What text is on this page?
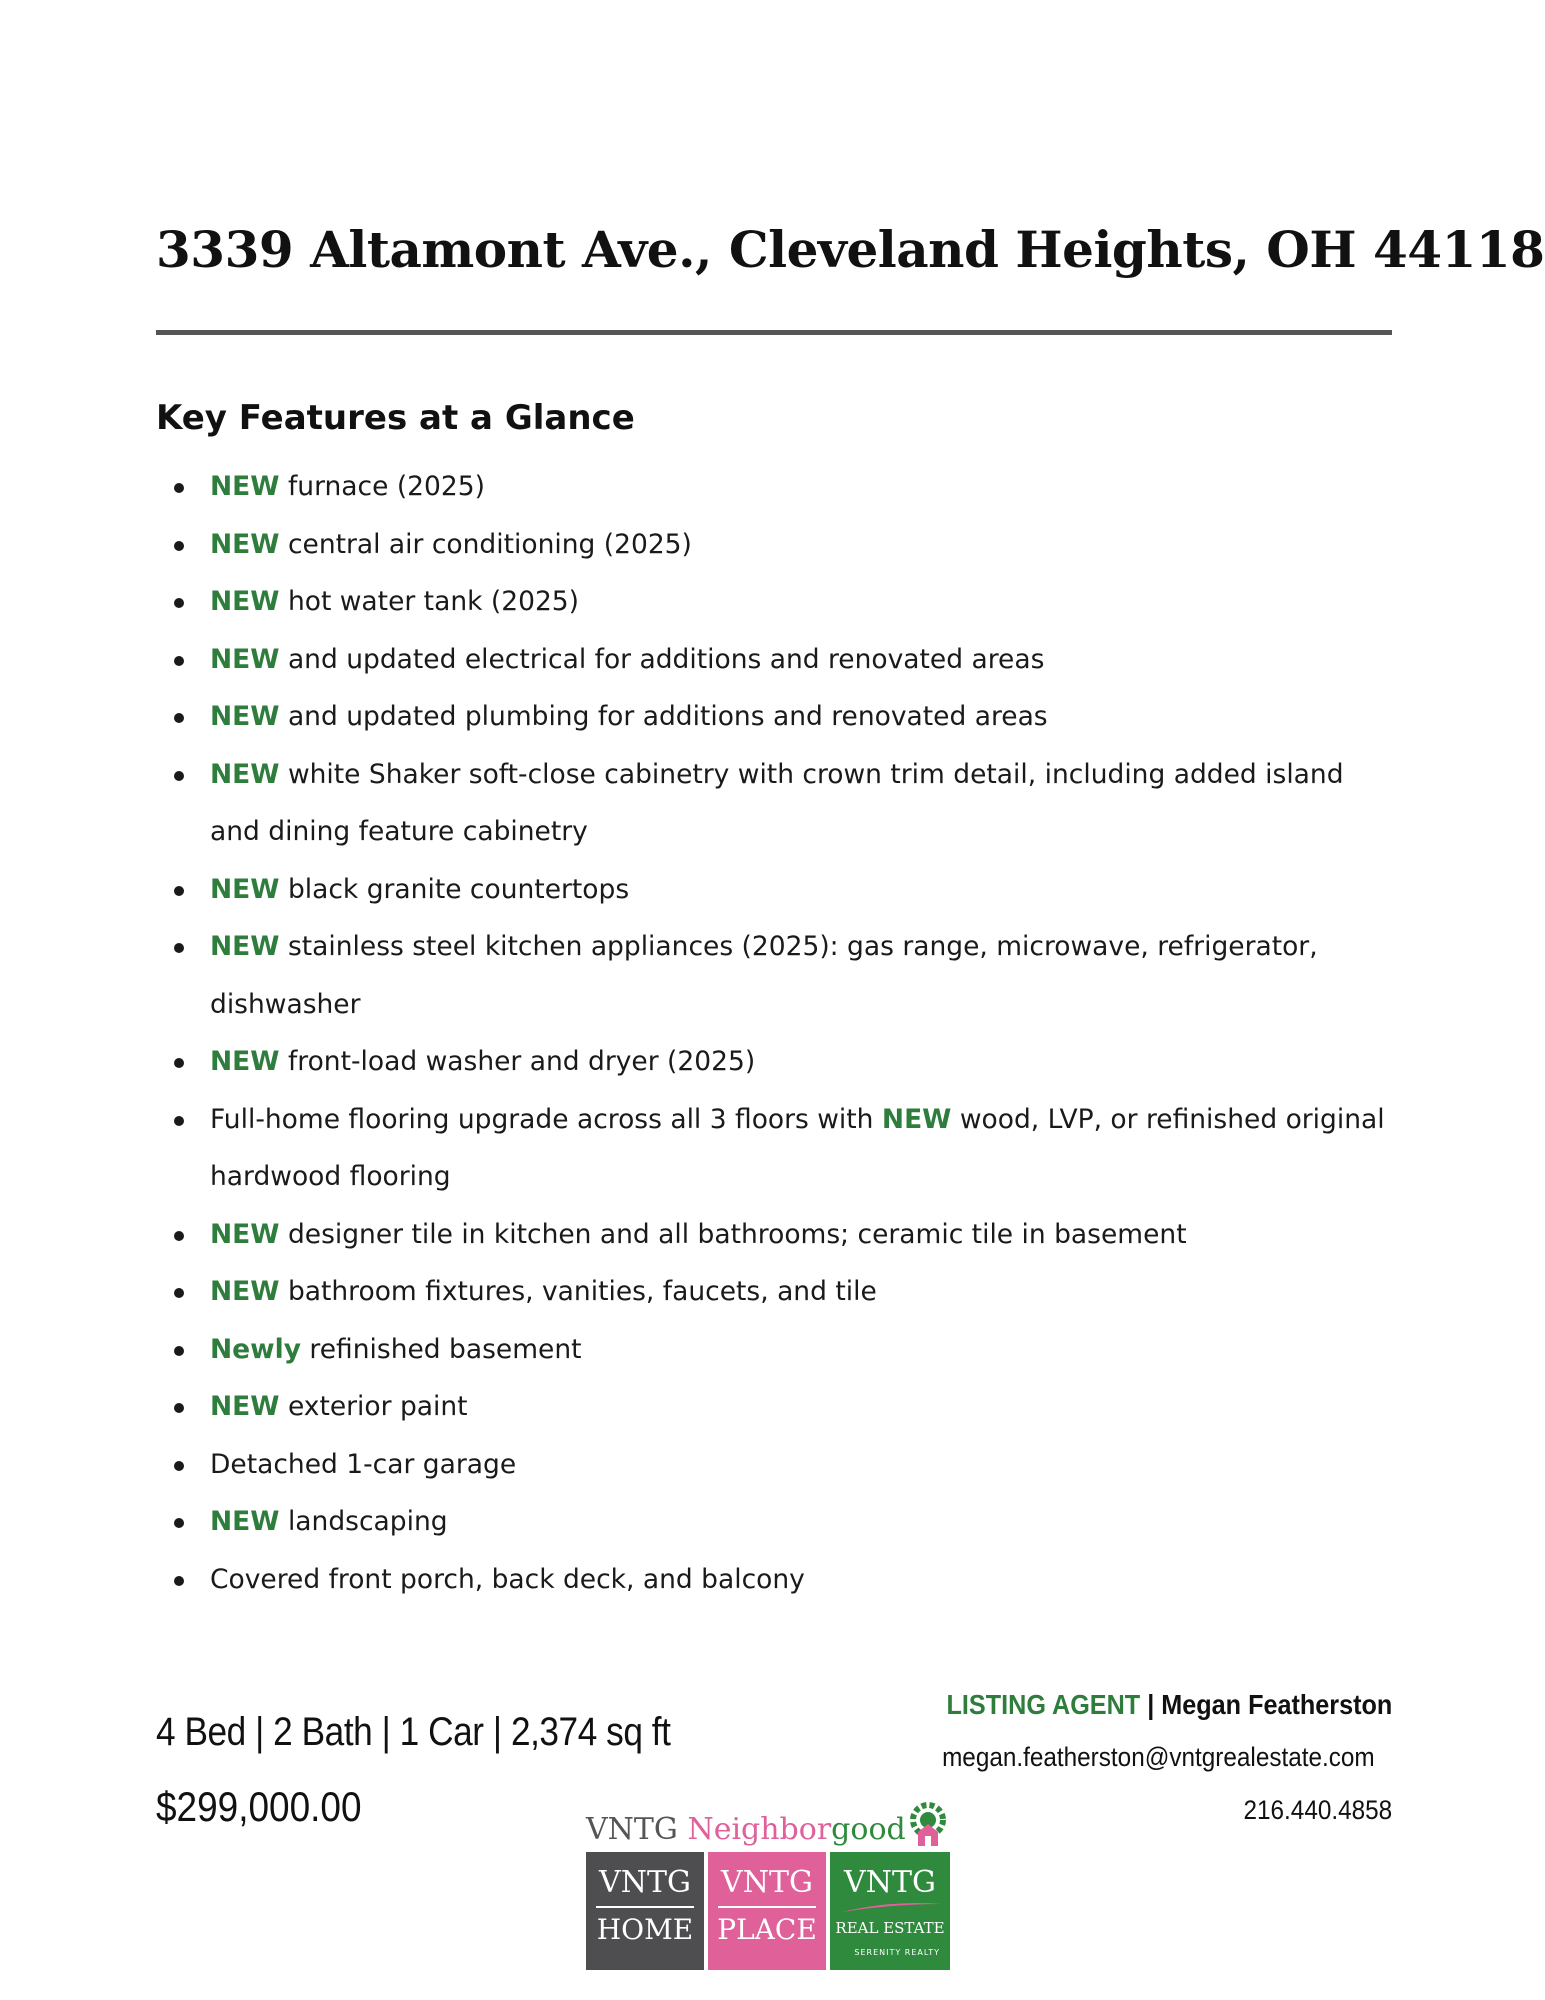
3339 Altamont Ave., Cleveland Heights, OH 44118
Key Features at a Glance
NEW furnace (2025)
NEW central air conditioning (2025)
NEW hot water tank (2025)
NEW and updated electrical for additions and renovated areas
NEW and updated plumbing for additions and renovated areas
NEW white Shaker soft-close cabinetry with crown trim detail, including added island and dining feature cabinetry
NEW black granite countertops
NEW stainless steel kitchen appliances (2025): gas range, microwave, refrigerator, dishwasher
NEW front-load washer and dryer (2025)
Full-home flooring upgrade across all 3 floors with NEW wood, LVP, or refinished original hardwood flooring
NEW designer tile in kitchen and all bathrooms; ceramic tile in basement
NEW bathroom fixtures, vanities, faucets, and tile
Newly refinished basement
NEW exterior paint
Detached 1-car garage
NEW landscaping
Covered front porch, back deck, and balcony
4 Bed | 2 Bath | 1 Car | 2,374 sq ft
$299,000.00
LISTING AGENT | Megan Featherston
megan.featherston@vntgrealestate.com
216.440.4858
VNTG Neighborgood
VNTG
HOME
VNTG
PLACE
VNTG
REAL ESTATE
SERENITY REALTY
